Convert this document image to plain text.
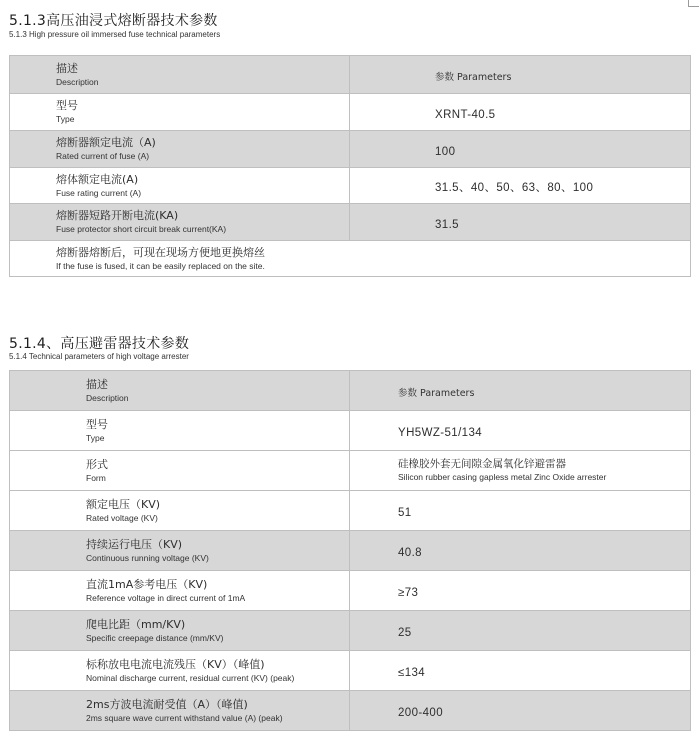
5.1.3高压油浸式熔断器技术参数
5.1.3 High pressure oil immersed fuse technical parameters
描述
Description	参数 Parameters

型号
Type	XRNT-40.5

熔断器额定电流（A)
Rated current of fuse (A)	100

熔体额定电流(A)
Fuse rating current (A)	31.5、40、50、63、80、100

熔断器短路开断电流(KA)
Fuse protector short circuit break current(KA)	31.5

熔断器熔断后，可现在现场方便地更换熔丝
If the fuse is fused, it can be easily replaced on the site.	
5.1.4、高压避雷器技术参数
5.1.4 Technical parameters of high voltage arrester
描述
Description	参数 Parameters

型号
Type	YH5WZ-51/134

形式
Form	硅橡胶外套无间隙金属氧化锌避雷器
Silicon rubber casing gapless metal Zinc Oxide arrester

额定电压（KV)
Rated voltage (KV)	51

持续运行电压（KV)
Continuous running voltage (KV)	40.8

直流1mA参考电压（KV)
Reference voltage in direct current of 1mA	≥73

爬电比距（mm/KV)
Specific creepage distance (mm/KV)	25

标称放电电流电流残压（KV）（峰值)
Nominal discharge current, residual current (KV) (peak)	≤134

2ms方波电流耐受值（A）（峰值)
2ms square wave current withstand value (A) (peak)	200-400
